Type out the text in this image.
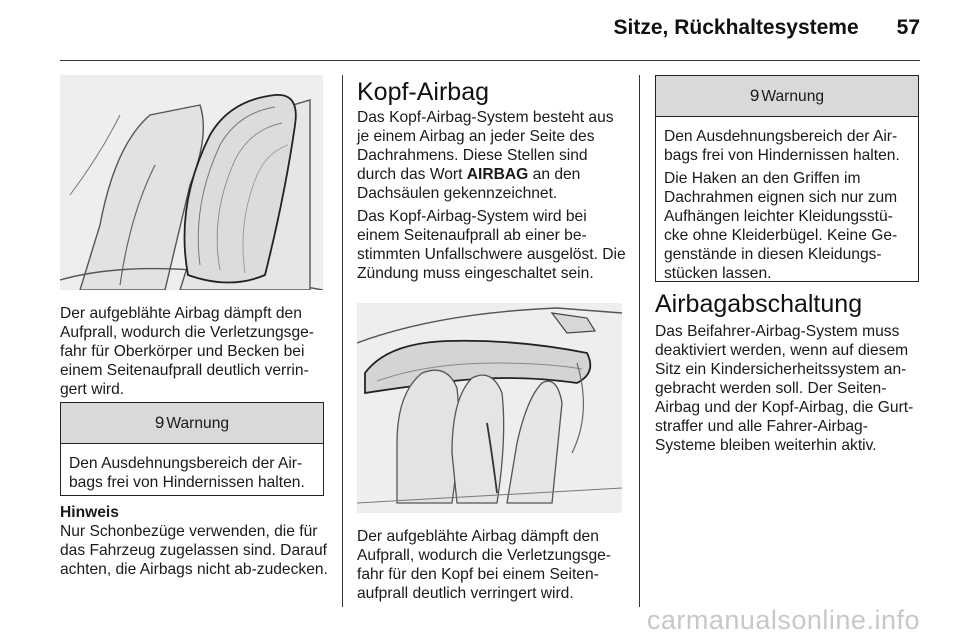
Sitze, Rückhaltesysteme 57

Der aufgeblähte Airbag dämpft den Aufprall, wodurch die Verletzungsge-fahr für Oberkörper und Becken bei einem Seitenaufprall deutlich verrin-gert wird.

9 Warnung

Den Ausdehnungsbereich der Air-bags frei von Hindernissen halten.

Hinweis

Nur Schonbezüge verwenden, die für das Fahrzeug zugelassen sind. Darauf achten, die Airbags nicht ab-zudecken.

Kopf-Airbag

Das Kopf-Airbag-System besteht aus je einem Airbag an jeder Seite des Dachrahmens. Diese Stellen sind durch das Wort AIRBAG an den Dachsäulen gekennzeichnet.

Das Kopf-Airbag-System wird bei einem Seitenaufprall ab einer be-stimmten Unfallschwere ausgelöst. Die Zündung muss eingeschaltet sein.

Der aufgeblähte Airbag dämpft den Aufprall, wodurch die Verletzungsge-fahr für den Kopf bei einem Seiten-aufprall deutlich verringert wird.

9 Warnung

Den Ausdehnungsbereich der Air-bags frei von Hindernissen halten.

Die Haken an den Griffen im Dachrahmen eignen sich nur zum Aufhängen leichter Kleidungsstü-cke ohne Kleiderbügel. Keine Ge-genstände in diesen Kleidungs-stücken lassen.

Airbagabschaltung

Das Beifahrer-Airbag-System muss deaktiviert werden, wenn auf diesem Sitz ein Kindersicherheitssystem an-gebracht werden soll. Der Seiten-Airbag und der Kopf-Airbag, die Gurt-straffer und alle Fahrer-Airbag-Systeme bleiben weiterhin aktiv.

carmanualsonline.info
